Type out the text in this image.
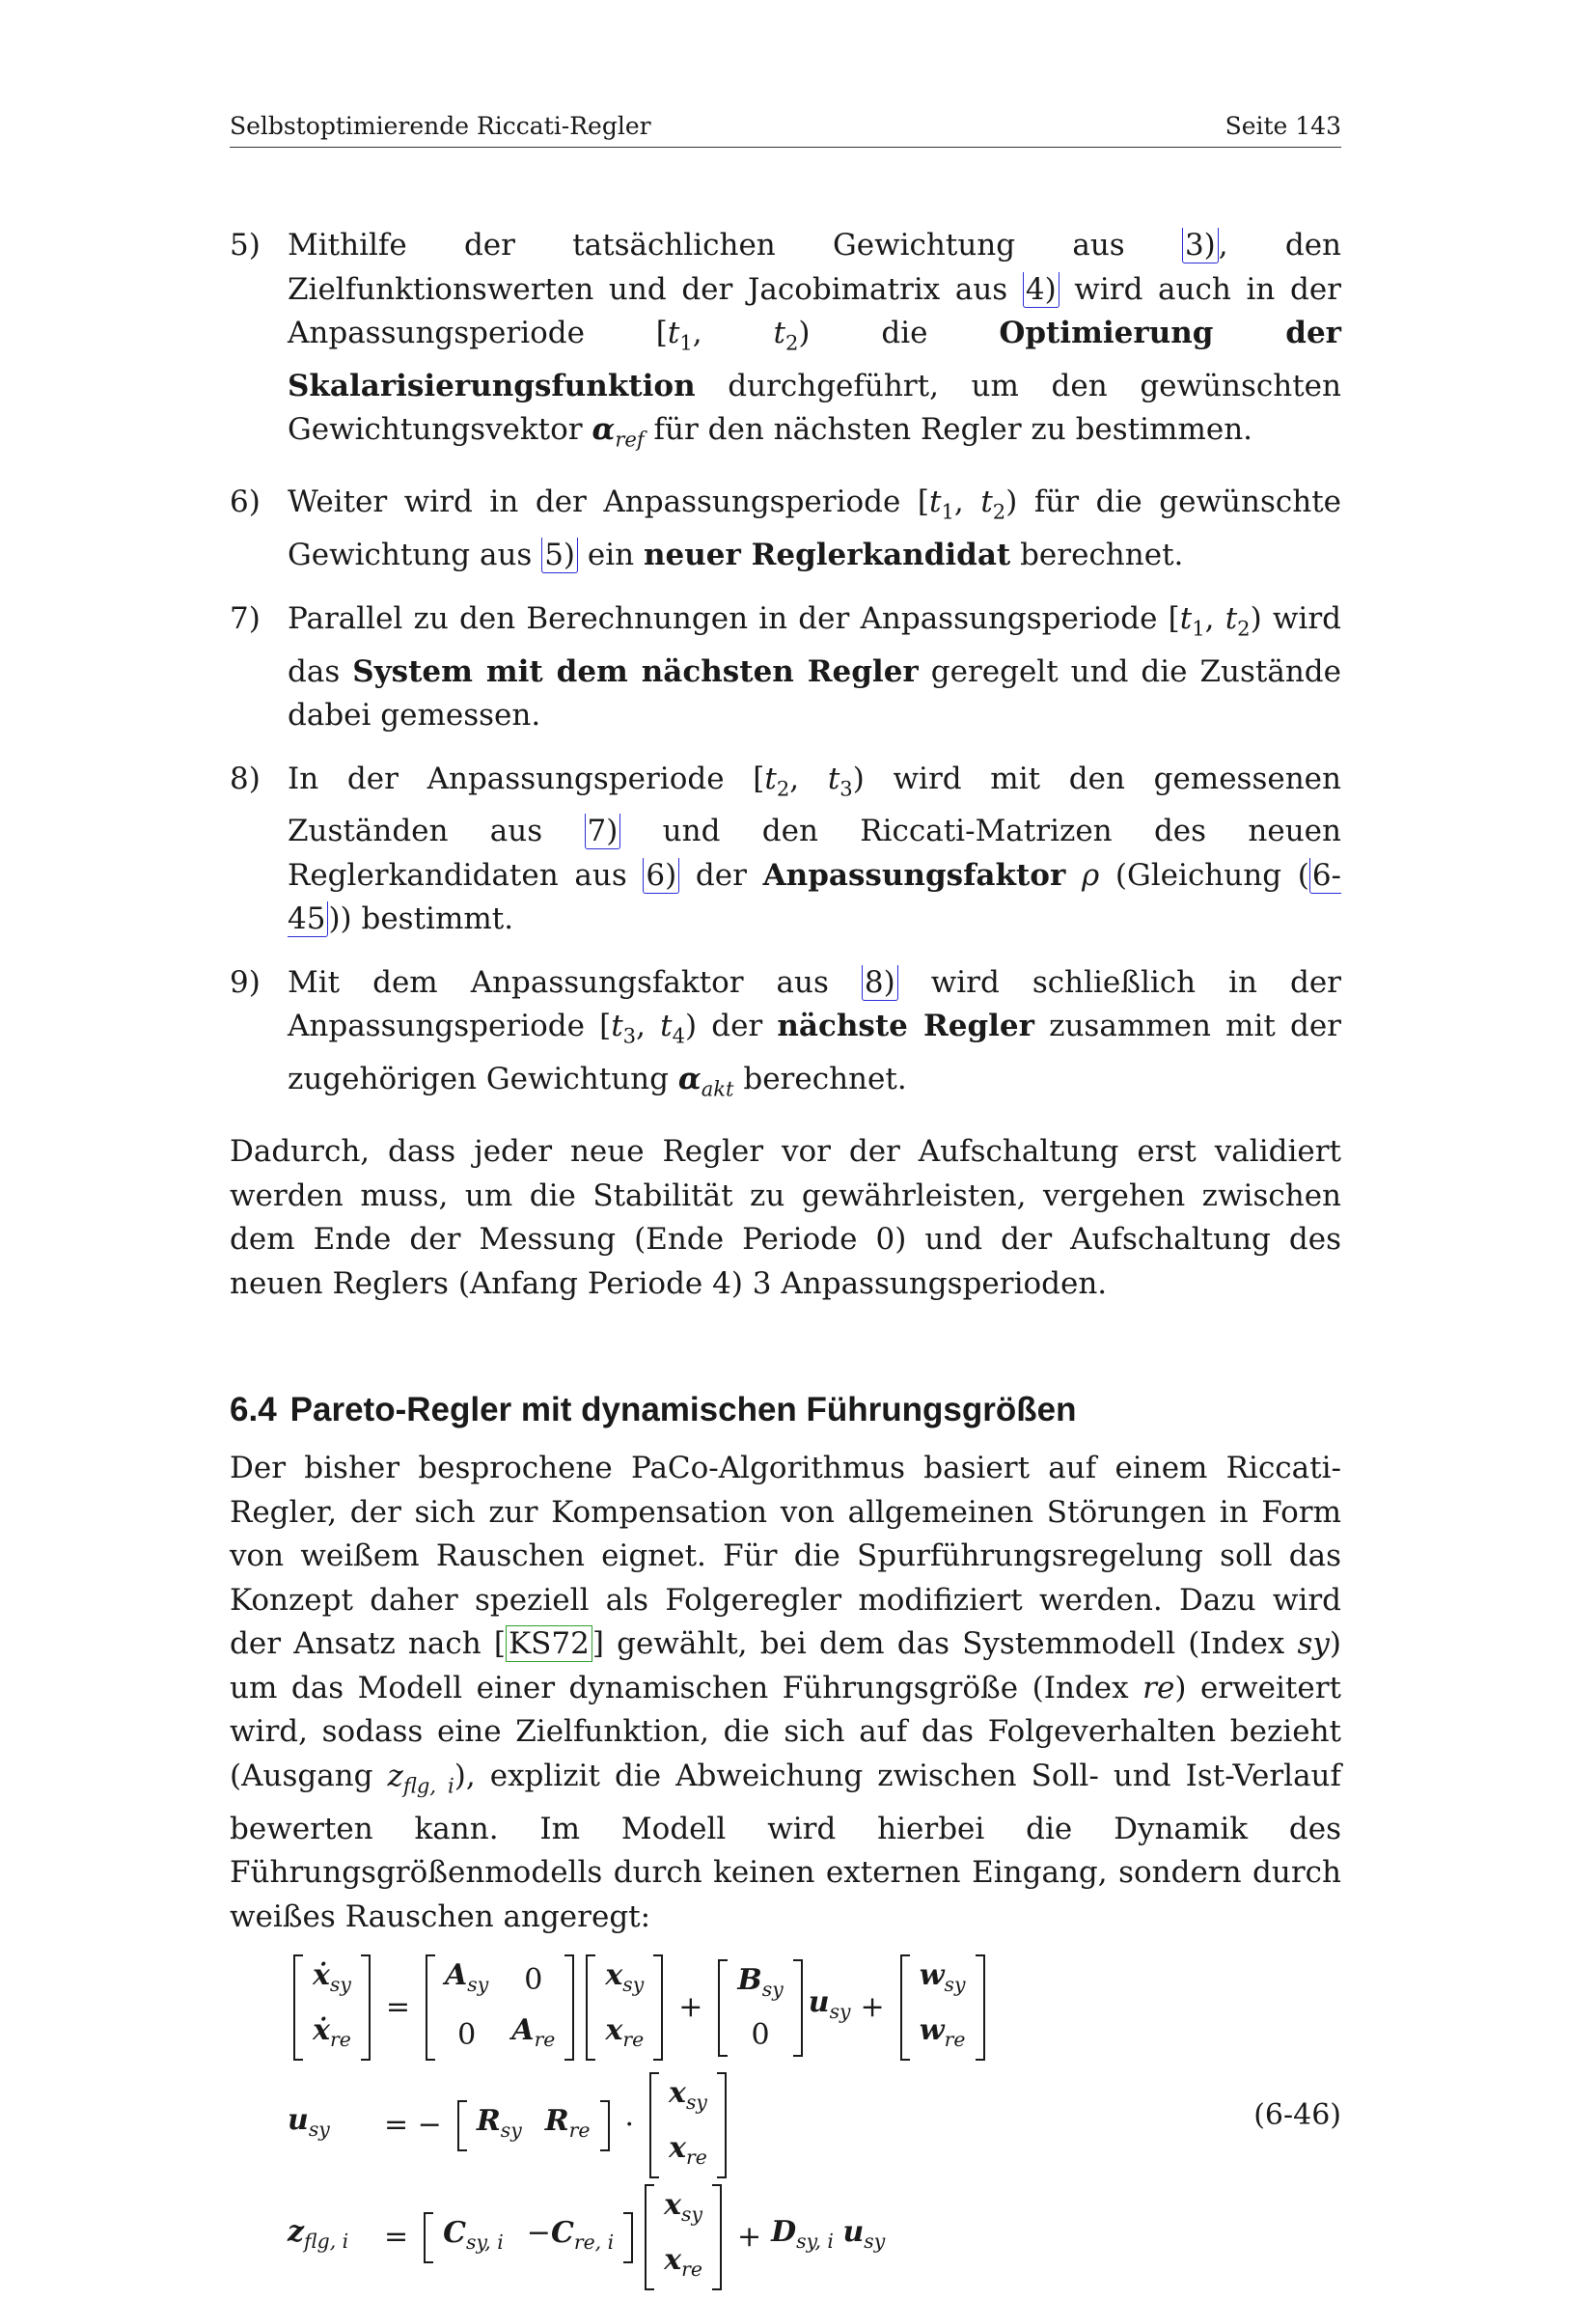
Selbstoptimierende Riccati-Regler	Seite 143
5) Mithilfe der tatsächlichen Gewichtung aus 3), den Zielfunktionswerten und der Jacobimatrix aus 4) wird auch in der Anpassungsperiode [$t_1$, $t_2$) die Optimierung der Skalarisierungsfunktion durchgeführt, um den gewünschten Gewichtungsvektor $\alpha_{ref}$ für den nächsten Regler zu bestimmen.
6) Weiter wird in der Anpassungsperiode [$t_1$, $t_2$) für die gewünschte Gewichtung aus 5) ein neuer Reglerkandidat berechnet.
7) Parallel zu den Berechnungen in der Anpassungsperiode [$t_1$, $t_2$) wird das System mit dem nächsten Regler geregelt und die Zustände dabei gemessen.
8) In der Anpassungsperiode [$t_2$, $t_3$) wird mit den gemessenen Zuständen aus 7) und den Riccati-Matrizen des neuen Reglerkandidaten aus 6) der Anpassungsfaktor ρ (Gleichung (6-45)) bestimmt.
9) Mit dem Anpassungsfaktor aus 8) wird schließlich in der Anpassungsperiode [$t_3$, $t_4$) der nächste Regler zusammen mit der zugehörigen Gewichtung $\alpha_{akt}$ berechnet.

Dadurch, dass jeder neue Regler vor der Aufschaltung erst validiert werden muss, um die Stabilität zu gewährleisten, vergehen zwischen dem Ende der Messung (Ende Periode 0) und der Aufschaltung des neuen Reglers (Anfang Periode 4) 3 Anpassungsperioden.

6.4 Pareto-Regler mit dynamischen Führungsgrößen

Der bisher besprochene PaCo-Algorithmus basiert auf einem Riccati-Regler, der sich zur Kompensation von allgemeinen Störungen in Form von weißem Rauschen eignet. Für die Spurführungsregelung soll das Konzept daher speziell als Folgeregler modifiziert werden. Dazu wird der Ansatz nach [KS72] gewählt, bei dem das Systemmodell (Index sy) um das Modell einer dynamischen Führungsgröße (Index re) erweitert wird, sodass eine Zielfunktion, die sich auf das Folgeverhalten bezieht (Ausgang $z_{flg, i}$), explizit die Abweichung zwischen Soll- und Ist-Verlauf bewerten kann. Im Modell wird hierbei die Dynamik des Führungsgrößenmodells durch keinen externen Eingang, sondern durch weißes Rauschen angeregt:

ẋ$_{sy}$
ẋ$_{re}$
=
$A_{sy}$	0
0	$A_{re}$
$x_{sy}$
$x_{re}$
+
$B_{sy}$
0
$u_{sy}$ +
$w_{sy}$
$w_{re}$
$u_{sy}$	= − $R_{sy}$	$R_{re}$ ·
$x_{sy}$
$x_{re}$
$z_{flg, i}$	= $C_{sy, i}$	$-C_{re, i}$
$x_{sy}$
$x_{re}$
+ $D_{sy, i}$ $u_{sy}$
(6-46)
